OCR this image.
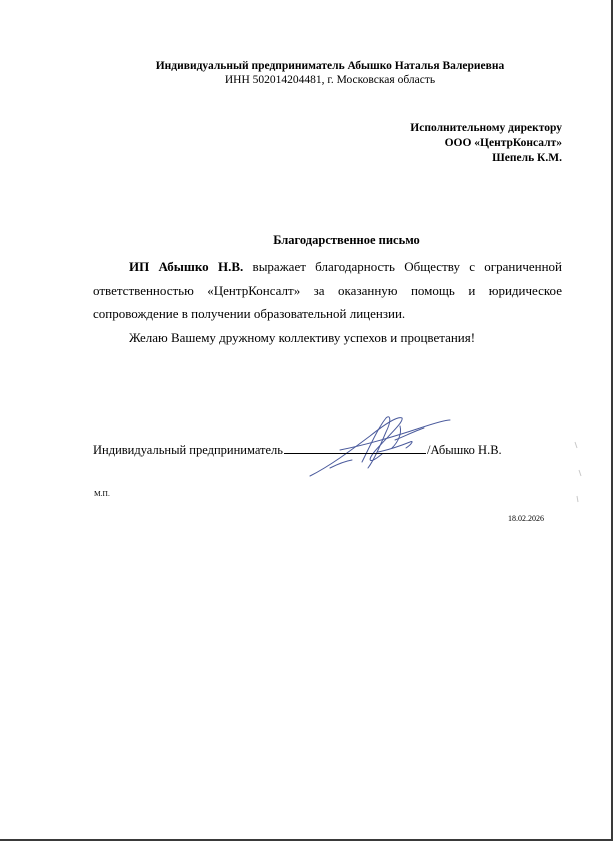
Индивидуальный предприниматель Абышко Наталья Валериевна
ИНН 502014204481, г. Московская область
Исполнительному директору
ООО «ЦентрКонсалт»
Шепель К.М.
Благодарственное письмо

ИП Абышко Н.В. выражает благодарность Обществу с ограниченной ответственностью «ЦентрКонсалт» за оказанную помощь и юридическое сопровождение в получении образовательной лицензии.

Желаю Вашему дружному коллективу успехов и процветания!

Индивидуальный предприниматель	/Абышко Н.В.
М.П.
18.02.2026
